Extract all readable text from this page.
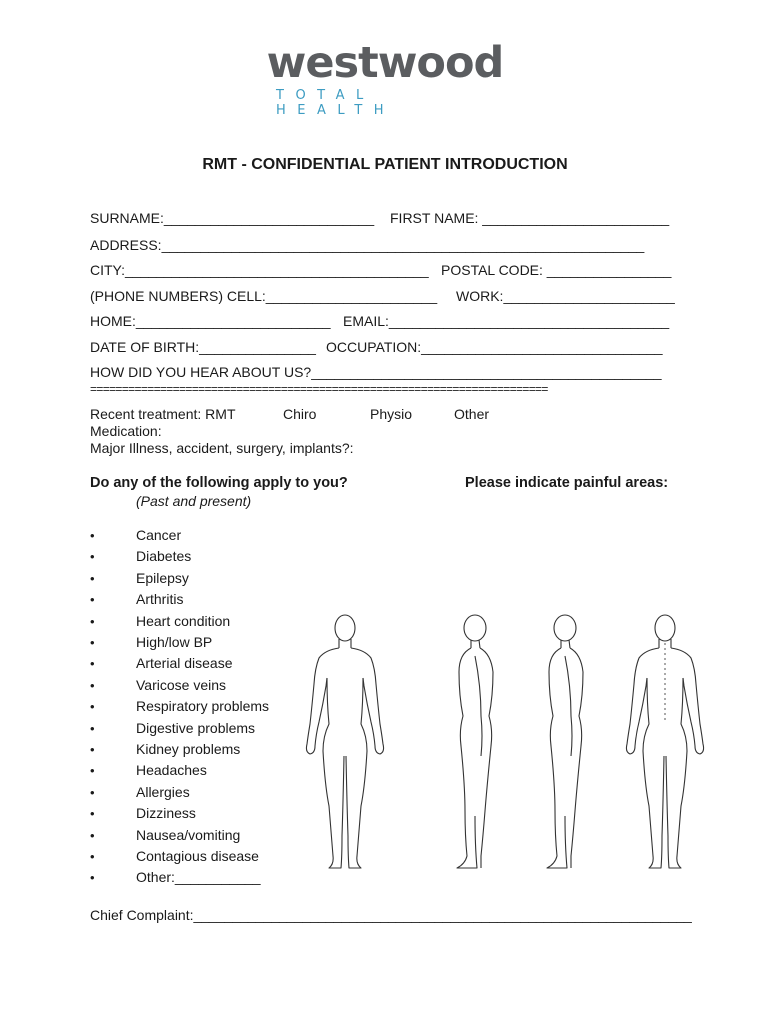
westwood
TOTAL HEALTH
RMT - CONFIDENTIAL PATIENT INTRODUCTION
SURNAME:___________________________ FIRST NAME: ________________________
ADDRESS:______________________________________________________________
CITY:_______________________________________ POSTAL CODE: ________________
(PHONE NUMBERS) CELL:______________________ WORK:______________________
HOME:_________________________ EMAIL:____________________________________
DATE OF BIRTH:_______________ OCCUPATION:_______________________________
HOW DID YOU HEAR ABOUT US?_____________________________________________
========================================================================
Recent treatment: RMT	Chiro	Physio	Other
Medication:
Major Illness, accident, surgery, implants?:
Do any of the following apply to you?
(Past and present)
Please indicate painful areas:
•	Cancer
•	Diabetes
•	Epilepsy
•	Arthritis
•	Heart condition
•	High/low BP
•	Arterial disease
•	Varicose veins
•	Respiratory problems
•	Digestive problems
•	Kidney problems
•	Headaches
•	Allergies
•	Dizziness
•	Nausea/vomiting
•	Contagious disease
•	Other:___________
Chief Complaint:________________________________________________________________
